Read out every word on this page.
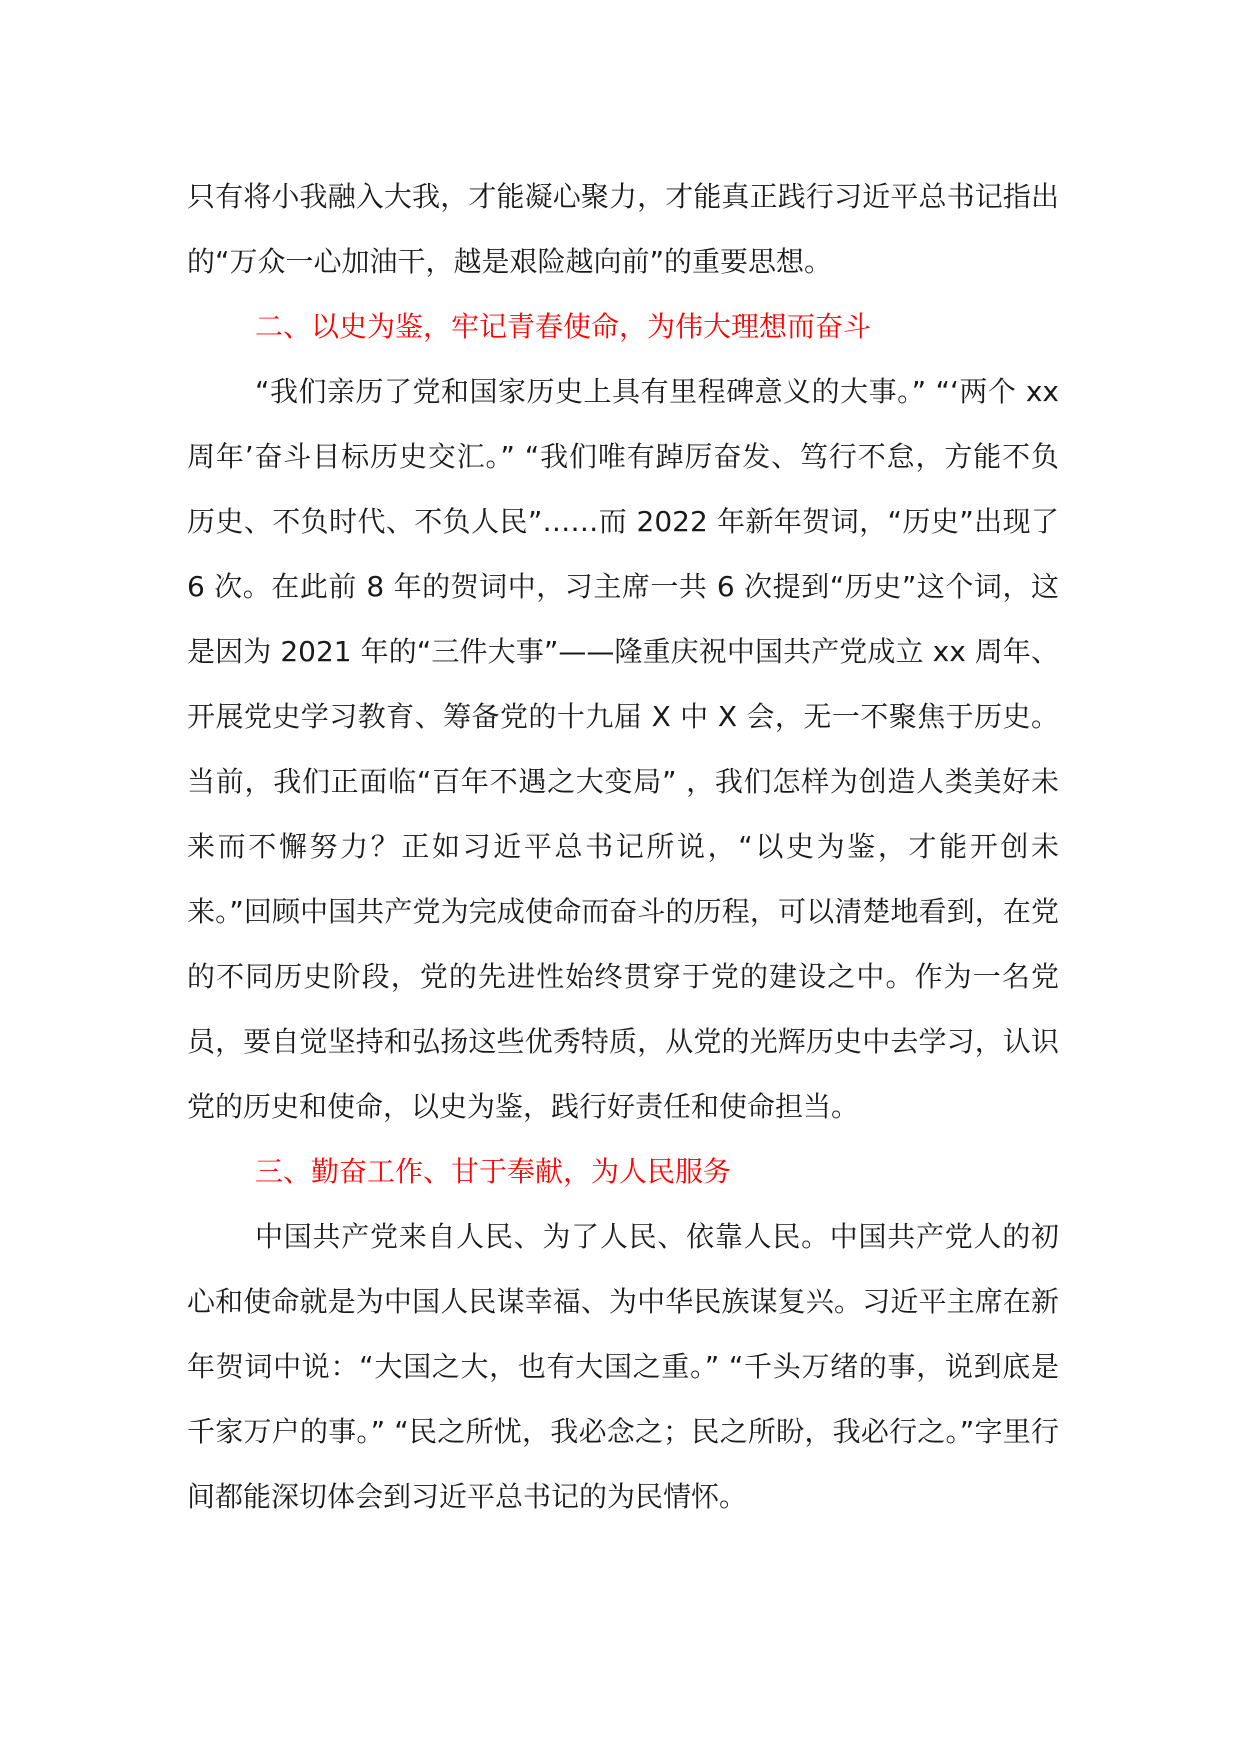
只有将小我融入大我，才能凝心聚力，才能真正践行习近平总书记指出的“万众一心加油干，越是艰险越向前”的重要思想。

二、以史为鉴，牢记青春使命，为伟大理想而奋斗

“我们亲历了党和国家历史上具有里程碑意义的大事。” “‘两个 xx 周年’奋斗目标历史交汇。” “我们唯有踔厉奋发、笃行不怠，方能不负历史、不负时代、不负人民”……而 2022 年新年贺词，“历史”出现了 6 次。在此前 8 年的贺词中，习主席一共 6 次提到“历史”这个词，这是因为 2021 年的“三件大事”——隆重庆祝中国共产党成立 xx 周年、开展党史学习教育、筹备党的十九届 X 中 X 会，无一不聚焦于历史。当前，我们正面临“百年不遇之大变局” ，我们怎样为创造人类美好未来而不懈努力？正如习近平总书记所说，“以史为鉴，才能开创未来。”回顾中国共产党为完成使命而奋斗的历程，可以清楚地看到，在党的不同历史阶段，党的先进性始终贯穿于党的建设之中。作为一名党员，要自觉坚持和弘扬这些优秀特质，从党的光辉历史中去学习，认识党的历史和使命，以史为鉴，践行好责任和使命担当。

三、勤奋工作、甘于奉献，为人民服务

中国共产党来自人民、为了人民、依靠人民。中国共产党人的初心和使命就是为中国人民谋幸福、为中华民族谋复兴。习近平主席在新年贺词中说：“大国之大，也有大国之重。” “千头万绪的事，说到底是千家万户的事。” “民之所忧，我必念之；民之所盼，我必行之。”字里行间都能深切体会到习近平总书记的为民情怀。
